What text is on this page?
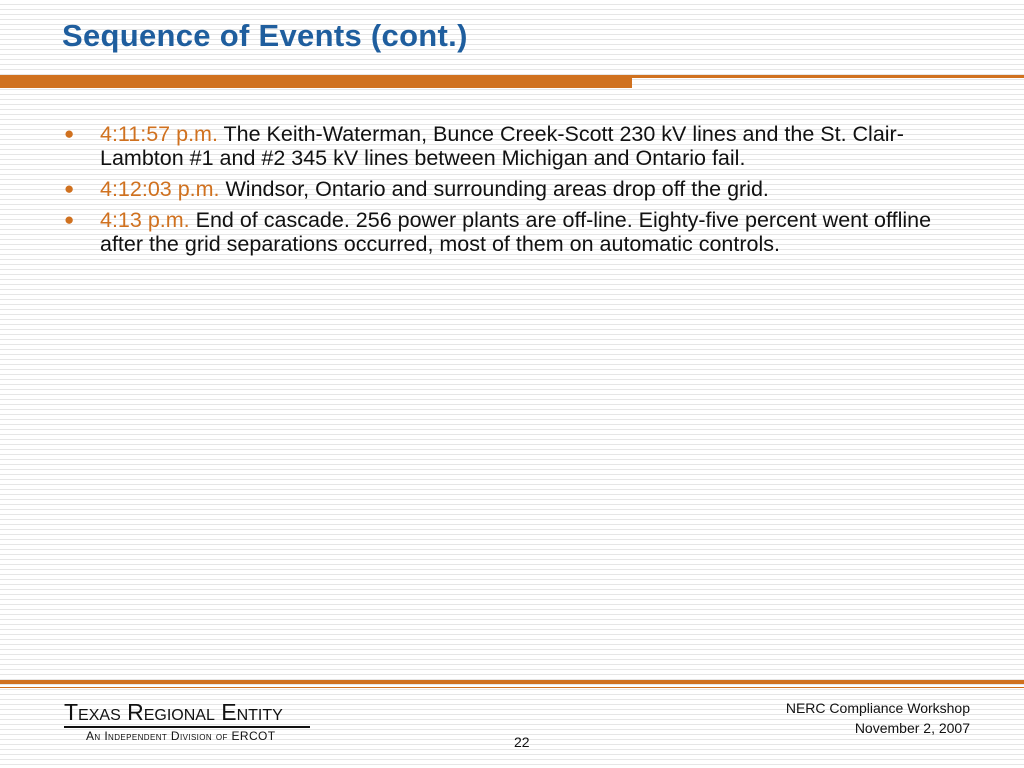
Sequence of Events (cont.)
● 4:11:57 p.m. The Keith-Waterman, Bunce Creek-Scott 230 kV lines and the St. Clair-Lambton #1 and #2 345 kV lines between Michigan and Ontario fail.
● 4:12:03 p.m. Windsor, Ontario and surrounding areas drop off the grid.
● 4:13 p.m. End of cascade. 256 power plants are off-line. Eighty-five percent went offline after the grid separations occurred, most of them on automatic controls.
Texas Regional Entity
An Independent Division of ERCOT	22
NERC Compliance Workshop
November 2, 2007
